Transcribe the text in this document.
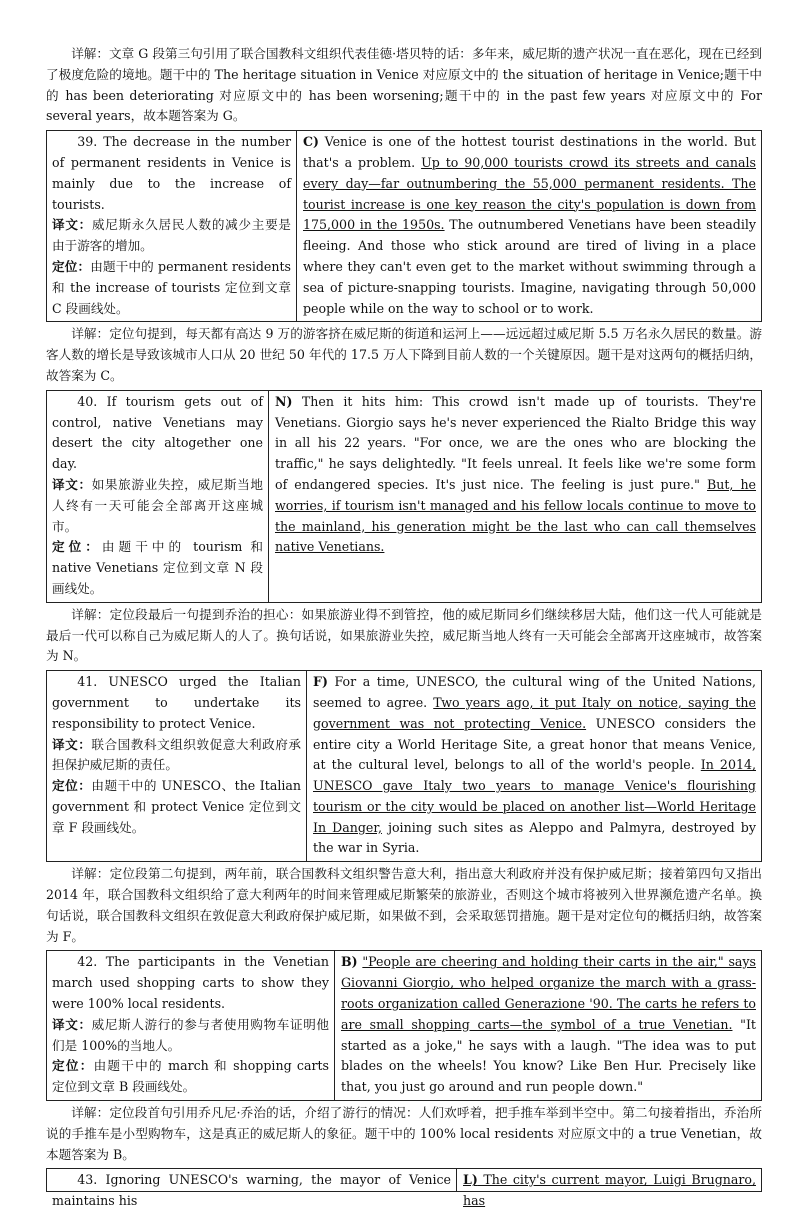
详解：文章 G 段第三句引用了联合国教科文组织代表佳德·塔贝特的话：多年来，威尼斯的遗产状况一直在恶化，现在已经到了极度危险的境地。题干中的 The heritage situation in Venice 对应原文中的 the situation of heritage in Venice;题干中的 has been deteriorating 对应原文中的 has been worsening;题干中的 in the past few years 对应原文中的 For several years，故本题答案为 G。

39. The decrease in the number of permanent residents in Venice is mainly due to the increase of tourists.
译文：威尼斯永久居民人数的减少主要是由于游客的增加。
定位：由题干中的 permanent residents 和 the increase of tourists 定位到文章 C 段画线处。
C) Venice is one of the hottest tourist destinations in the world. But that's a problem. Up to 90,000 tourists crowd its streets and canals every day—far outnumbering the 55,000 permanent residents. The tourist increase is one key reason the city's population is down from 175,000 in the 1950s. The outnumbered Venetians have been steadily fleeing. And those who stick around are tired of living in a place where they can't even get to the market without swimming through a sea of picture-snapping tourists. Imagine, navigating through 50,000 people while on the way to school or to work.

详解：定位句提到，每天都有高达 9 万的游客挤在威尼斯的街道和运河上——远远超过威尼斯 5.5 万名永久居民的数量。游客人数的增长是导致该城市人口从 20 世纪 50 年代的 17.5 万人下降到目前人数的一个关键原因。题干是对这两句的概括归纳，故答案为 C。

40. If tourism gets out of control, native Venetians may desert the city altogether one day.
译文：如果旅游业失控，威尼斯当地人终有一天可能会全部离开这座城市。
定位：由题干中的 tourism 和 native Venetians 定位到文章 N 段画线处。
N) Then it hits him: This crowd isn't made up of tourists. They're Venetians. Giorgio says he's never experienced the Rialto Bridge this way in all his 22 years. "For once, we are the ones who are blocking the traffic," he says delightedly. "It feels unreal. It feels like we're some form of endangered species. It's just nice. The feeling is just pure." But, he worries, if tourism isn't managed and his fellow locals continue to move to the mainland, his generation might be the last who can call themselves native Venetians.

详解：定位段最后一句提到乔治的担心：如果旅游业得不到管控，他的威尼斯同乡们继续移居大陆，他们这一代人可能就是最后一代可以称自己为威尼斯人的人了。换句话说，如果旅游业失控，威尼斯当地人终有一天可能会全部离开这座城市，故答案为 N。

41. UNESCO urged the Italian government to undertake its responsibility to protect Venice.
译文：联合国教科文组织敦促意大利政府承担保护威尼斯的责任。
定位：由题干中的 UNESCO、the Italian government 和 protect Venice 定位到文章 F 段画线处。
F) For a time, UNESCO, the cultural wing of the United Nations, seemed to agree. Two years ago, it put Italy on notice, saying the government was not protecting Venice. UNESCO considers the entire city a World Heritage Site, a great honor that means Venice, at the cultural level, belongs to all of the world's people. In 2014, UNESCO gave Italy two years to manage Venice's flourishing tourism or the city would be placed on another list—World Heritage In Danger, joining such sites as Aleppo and Palmyra, destroyed by the war in Syria.

详解：定位段第二句提到，两年前，联合国教科文组织警告意大利，指出意大利政府并没有保护威尼斯；接着第四句又指出 2014 年，联合国教科文组织给了意大利两年的时间来管理威尼斯繁荣的旅游业，否则这个城市将被列入世界濒危遗产名单。换句话说，联合国教科文组织在敦促意大利政府保护威尼斯，如果做不到，会采取惩罚措施。题干是对定位句的概括归纳，故答案为 F。

42. The participants in the Venetian march used shopping carts to show they were 100% local residents.
译文：威尼斯人游行的参与者使用购物车证明他们是 100%的当地人。
定位：由题干中的 march 和 shopping carts 定位到文章 B 段画线处。
B) "People are cheering and holding their carts in the air," says Giovanni Giorgio, who helped organize the march with a grass-roots organization called Generazione '90. The carts he refers to are small shopping carts—the symbol of a true Venetian. "It started as a joke," he says with a laugh. "The idea was to put blades on the wheels! You know? Like Ben Hur. Precisely like that, you just go around and run people down."

详解：定位段首句引用乔凡尼·乔治的话，介绍了游行的情况：人们欢呼着，把手推车举到半空中。第二句接着指出，乔治所说的手推车是小型购物车，这是真正的威尼斯人的象征。题干中的 100% local residents 对应原文中的 a true Venetian，故本题答案为 B。

43. Ignoring UNESCO's warning, the mayor of Venice maintains his
L) The city's current mayor, Luigi Brugnaro, has
